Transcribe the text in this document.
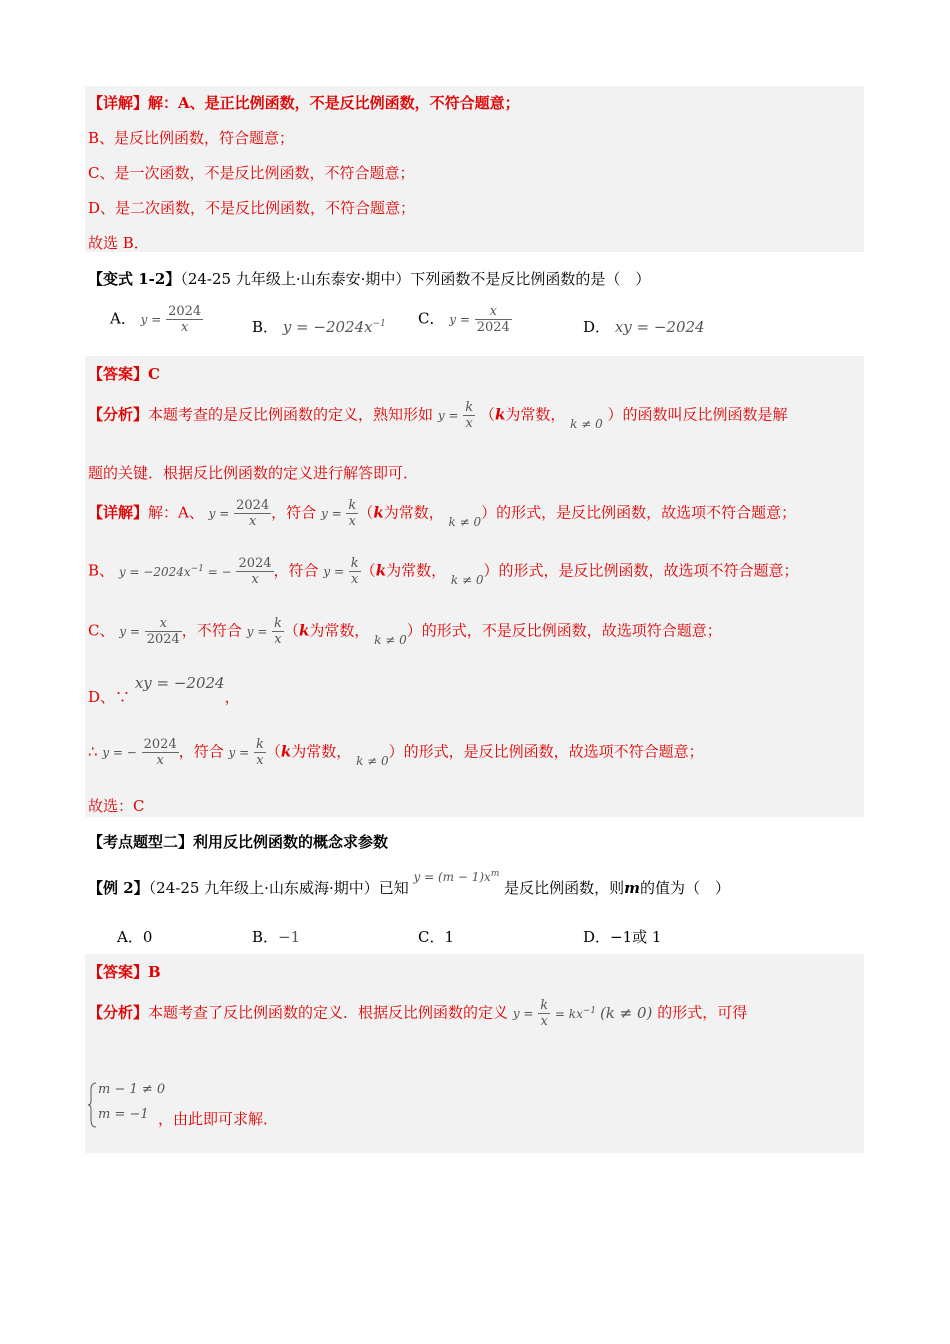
【详解】解：A、是正比例函数，不是反比例函数，不符合题意；
B、是反比例函数，符合题意；
C、是一次函数，不是反比例函数，不符合题意；
D、是二次函数，不是反比例函数，不符合题意；
故选 B．
【变式 1-2】（24-25 九年级上·山东泰安·期中）下列函数不是反比例函数的是（　）
A． $y = \frac{2024}{x}$	B． $y = -2024x^{-1}$ C． $y = \frac{x}{2024}$	D． xy = −2024
【答案】C
【分析】本题考查的是反比例函数的定义，熟知形如 $y = \frac{k}{x} (k$为常数， $_{k \ne 0}$ ）的函数叫反比例函数是解
题的关键．根据反比例函数的定义进行解答即可．
【详解】解：A、 $y = \frac{2024}{x}$ ，符合 $y = \frac{k}{x} (k$为常数， $_{k \ne 0}$）的形式，是反比例函数，故选项不符合题意；
B、 $y = -2024x^{-1}$ = − $\frac{2024}{x}$ ，符合 $y = \frac{k}{x} (k$为常数， $_{k \ne 0}$）的形式，是反比例函数，故选项不符合题意；
C、 $y = \frac{x}{2024}$ ，不符合 $y = \frac{k}{x} (k$为常数， $_{k \ne 0}$）的形式，不是反比例函数，故选项符合题意；
D、∵ xy = −2024，
∴ y = − $\frac{2024}{x}$ ，符合 $y = \frac{k}{x} (k$为常数， $_{k \ne 0}$）的形式，是反比例函数，故选项不符合题意；
故选：C
【考点题型二】利用反比例函数的概念求参数
【例 2】（24-25 九年级上·山东威海·期中）已知 $^{y = (m - 1)x^m}$ 是反比例函数，则m的值为（　）
A．0	B．−1	C．1	D．−1或 1
【答案】B
【分析】本题考查了反比例函数的定义．根据反比例函数的定义 $y = \frac{k}{x} = kx^{-1}$ (k ≠ 0) 的形式，可得
m − 1 ≠ 0
m = −1 ，由此即可求解．
